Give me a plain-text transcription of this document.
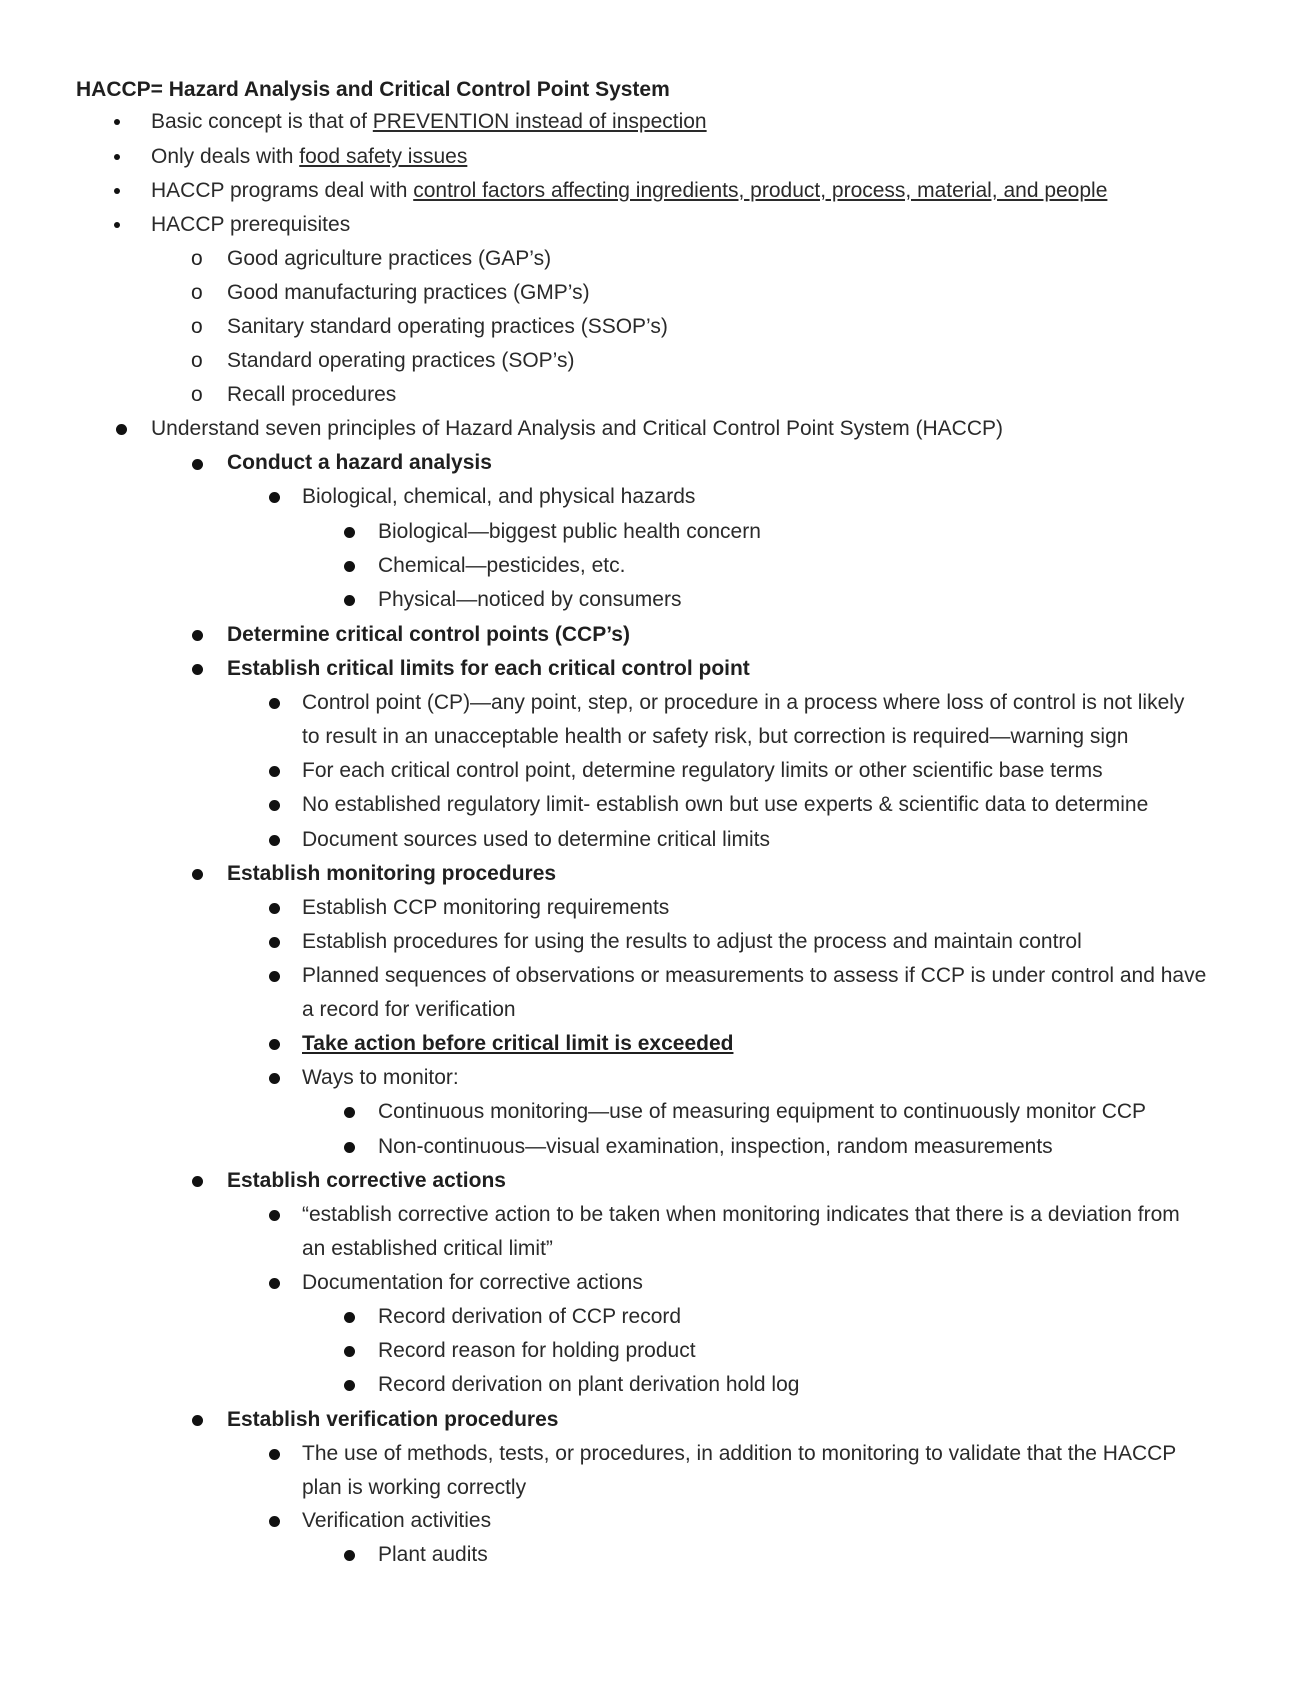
HACCP= Hazard Analysis and Critical Control Point System
Basic concept is that of PREVENTION instead of inspection
Only deals with food safety issues
HACCP programs deal with control factors affecting ingredients, product, process, material, and people
HACCP prerequisites
o Good agriculture practices (GAP’s)
o Good manufacturing practices (GMP’s)
o Sanitary standard operating practices (SSOP’s)
o Standard operating practices (SOP’s)
o Recall procedures
Understand seven principles of Hazard Analysis and Critical Control Point System (HACCP)
Conduct a hazard analysis
Biological, chemical, and physical hazards
Biological—biggest public health concern
Chemical—pesticides, etc.
Physical—noticed by consumers
Determine critical control points (CCP’s)
Establish critical limits for each critical control point
Control point (CP)—any point, step, or procedure in a process where loss of control is not likely
to result in an unacceptable health or safety risk, but correction is required—warning sign
For each critical control point, determine regulatory limits or other scientific base terms
No established regulatory limit- establish own but use experts & scientific data to determine
Document sources used to determine critical limits
Establish monitoring procedures
Establish CCP monitoring requirements
Establish procedures for using the results to adjust the process and maintain control
Planned sequences of observations or measurements to assess if CCP is under control and have
a record for verification
Take action before critical limit is exceeded
Ways to monitor:
Continuous monitoring—use of measuring equipment to continuously monitor CCP
Non-continuous—visual examination, inspection, random measurements
Establish corrective actions
“establish corrective action to be taken when monitoring indicates that there is a deviation from
an established critical limit”
Documentation for corrective actions
Record derivation of CCP record
Record reason for holding product
Record derivation on plant derivation hold log
Establish verification procedures
The use of methods, tests, or procedures, in addition to monitoring to validate that the HACCP
plan is working correctly
Verification activities
Plant audits
